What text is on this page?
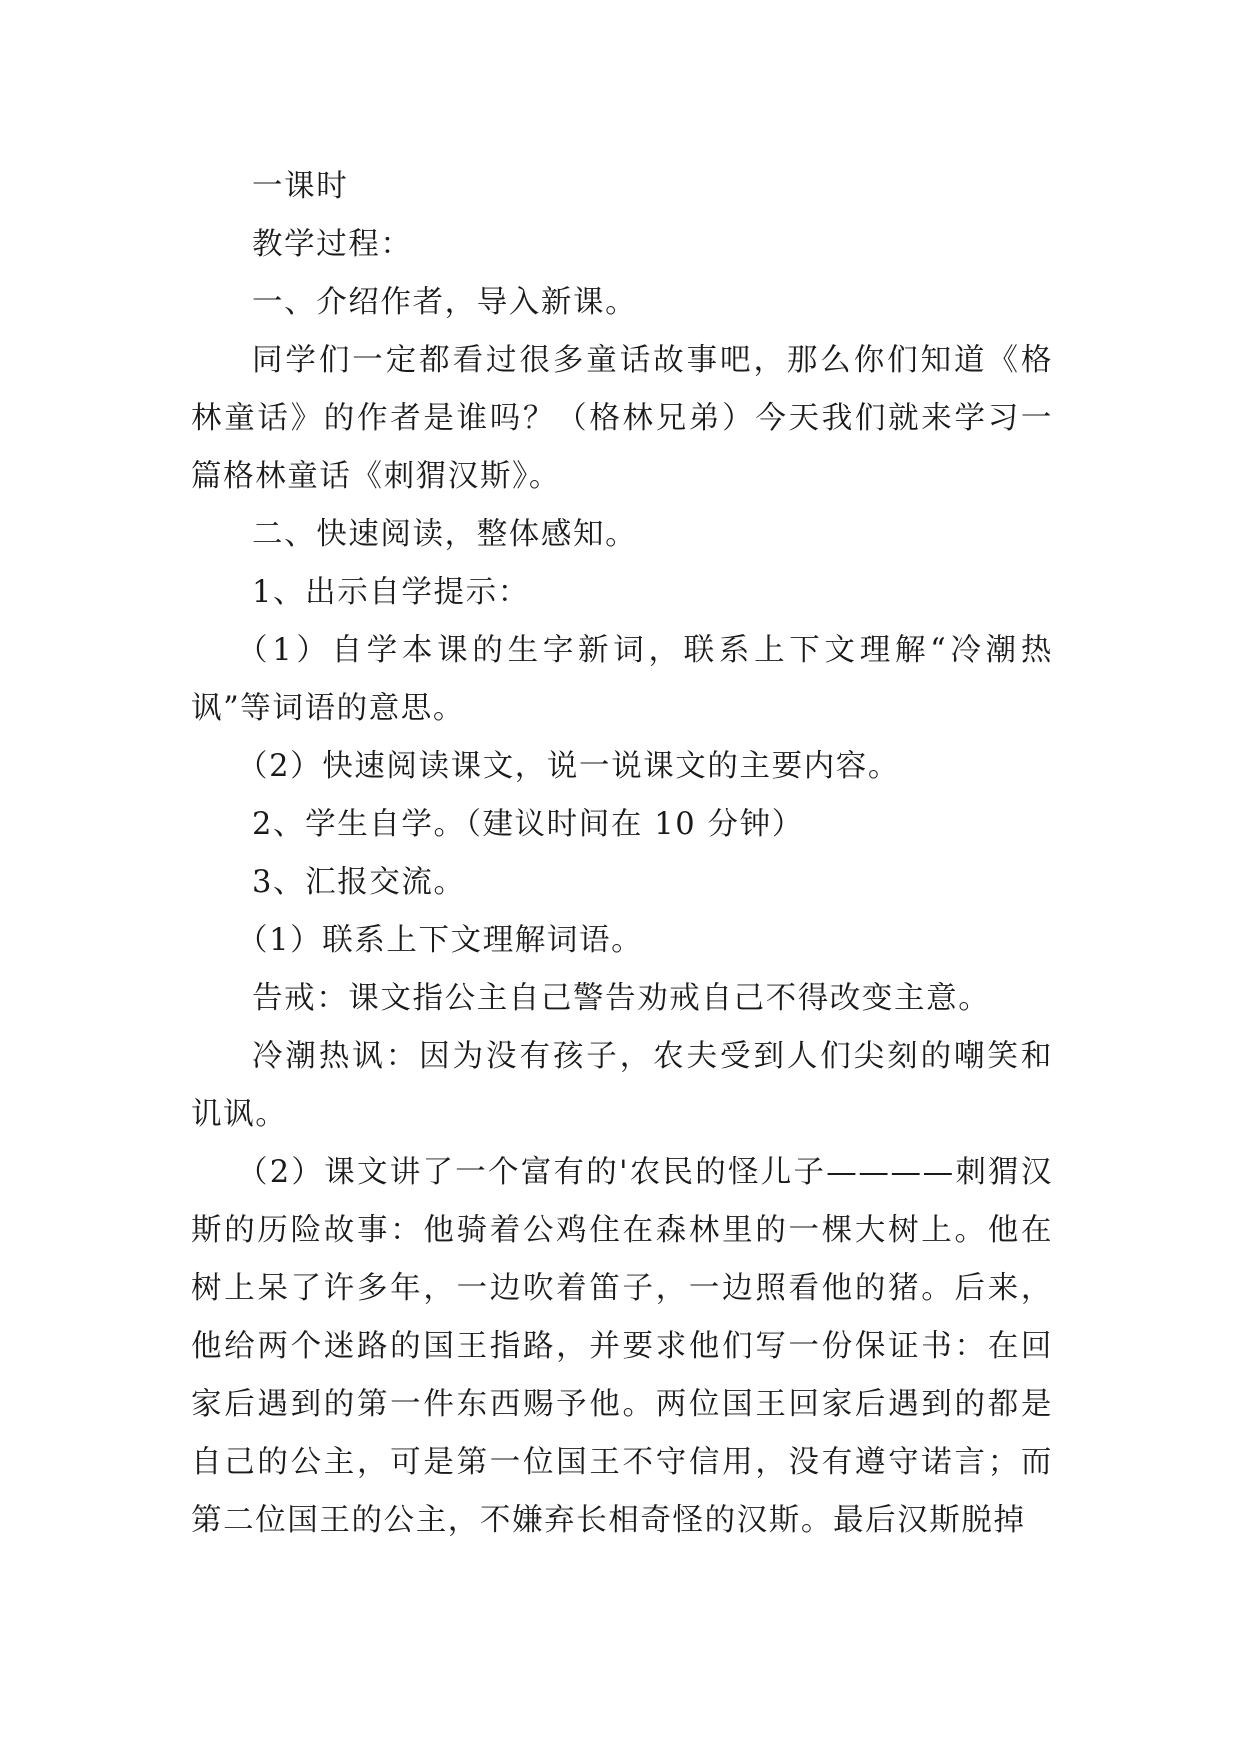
一课时

教学过程：

一、介绍作者，导入新课。

同学们一定都看过很多童话故事吧，那么你们知道《格林童话》的作者是谁吗？（格林兄弟）今天我们就来学习一篇格林童话《刺猬汉斯》。

二、快速阅读，整体感知。

1、出示自学提示：

（1）自学本课的生字新词，联系上下文理解“冷潮热讽”等词语的意思。

（2）快速阅读课文，说一说课文的主要内容。

2、学生自学。（建议时间在 10 分钟）

3、汇报交流。

（1）联系上下文理解词语。

告戒：课文指公主自己警告劝戒自己不得改变主意。

冷潮热讽：因为没有孩子，农夫受到人们尖刻的嘲笑和讥讽。

（2）课文讲了一个富有的'农民的怪儿子————刺猬汉斯的历险故事：他骑着公鸡住在森林里的一棵大树上。他在树上呆了许多年，一边吹着笛子，一边照看他的猪。后来，他给两个迷路的国王指路，并要求他们写一份保证书：在回家后遇到的第一件东西赐予他。两位国王回家后遇到的都是自己的公主，可是第一位国王不守信用，没有遵守诺言；而第二位国王的公主，不嫌弃长相奇怪的汉斯。最后汉斯脱掉
